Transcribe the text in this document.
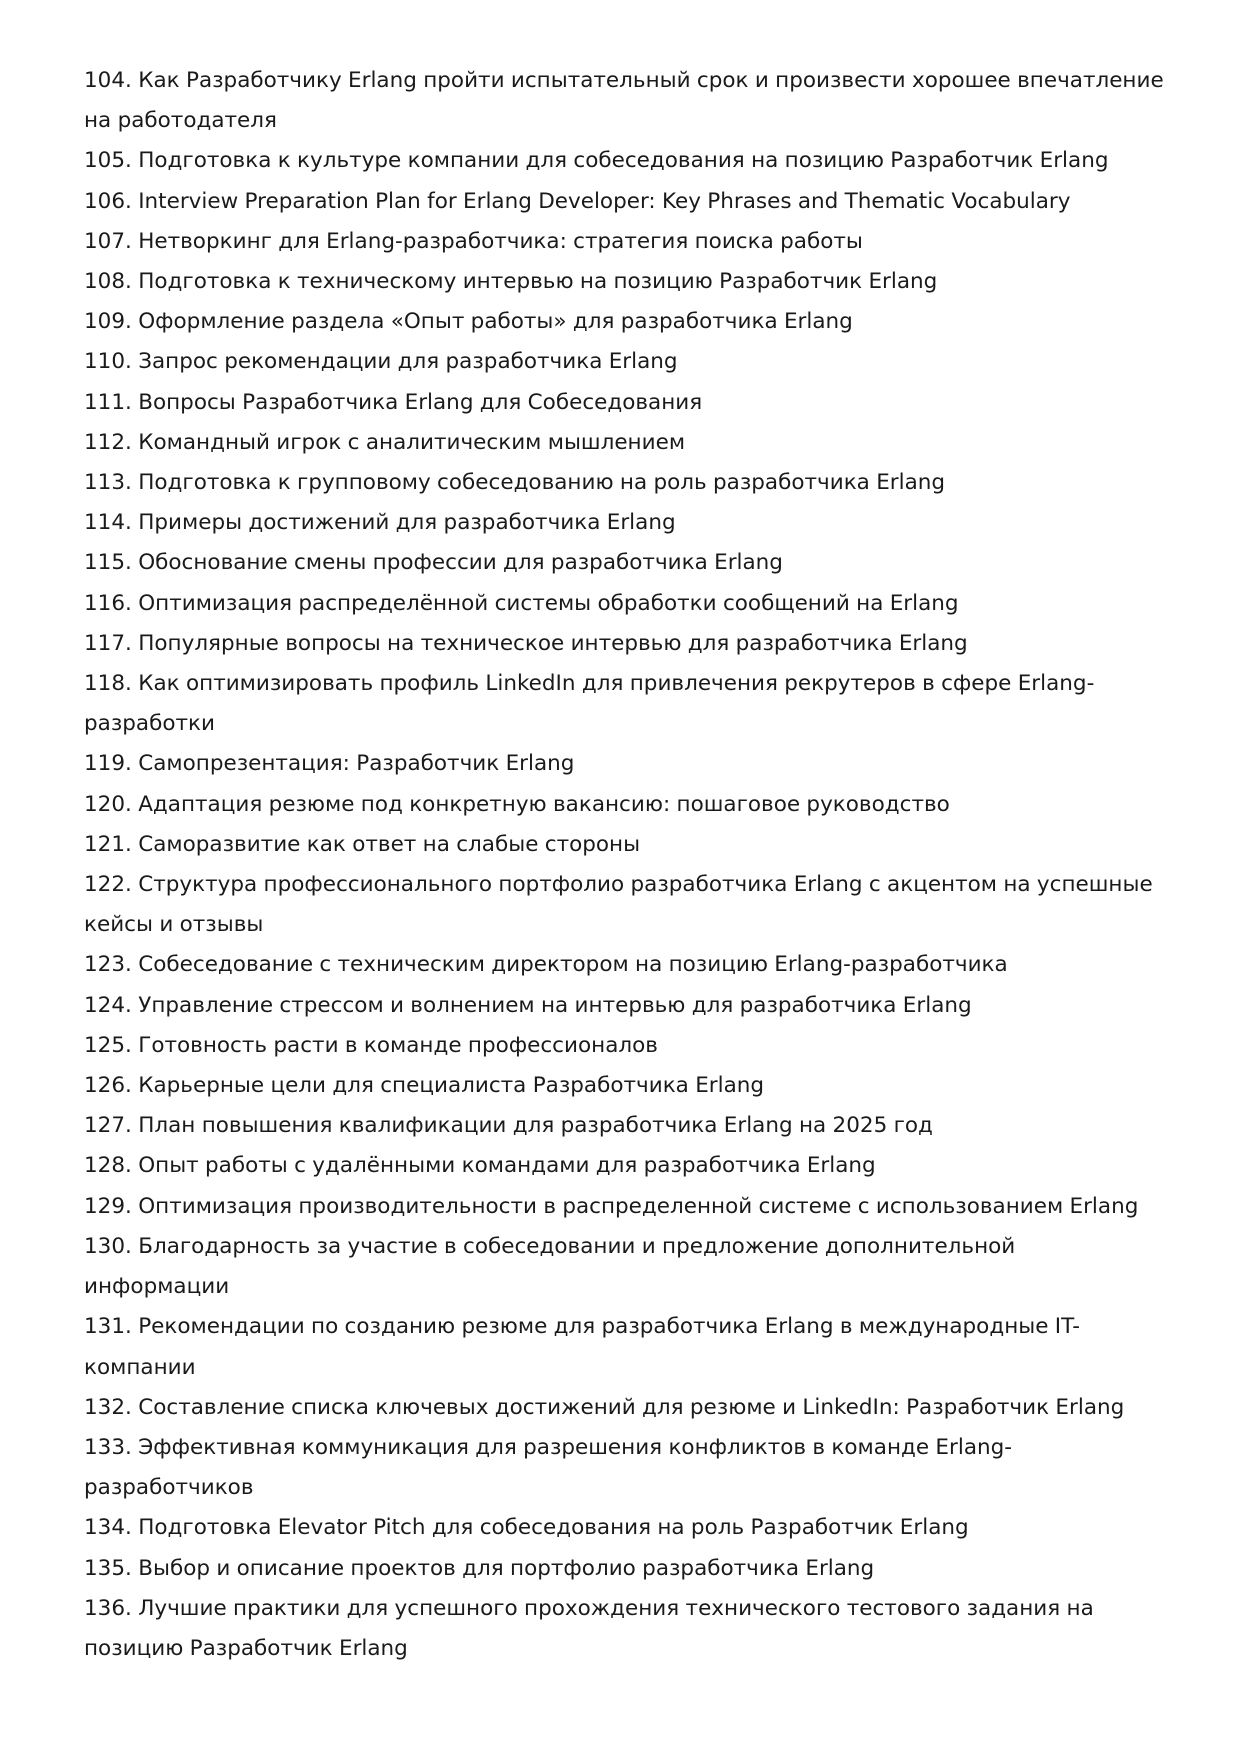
104. Как Разработчику Erlang пройти испытательный срок и произвести хорошее впечатление на работодателя
105. Подготовка к культуре компании для собеседования на позицию Разработчик Erlang
106. Interview Preparation Plan for Erlang Developer: Key Phrases and Thematic Vocabulary
107. Нетворкинг для Erlang-разработчика: стратегия поиска работы
108. Подготовка к техническому интервью на позицию Разработчик Erlang
109. Оформление раздела «Опыт работы» для разработчика Erlang
110. Запрос рекомендации для разработчика Erlang
111. Вопросы Разработчика Erlang для Собеседования
112. Командный игрок с аналитическим мышлением
113. Подготовка к групповому собеседованию на роль разработчика Erlang
114. Примеры достижений для разработчика Erlang
115. Обоснование смены профессии для разработчика Erlang
116. Оптимизация распределённой системы обработки сообщений на Erlang
117. Популярные вопросы на техническое интервью для разработчика Erlang
118. Как оптимизировать профиль LinkedIn для привлечения рекрутеров в сфере Erlang-разработки
119. Самопрезентация: Разработчик Erlang
120. Адаптация резюме под конкретную вакансию: пошаговое руководство
121. Саморазвитие как ответ на слабые стороны
122. Структура профессионального портфолио разработчика Erlang с акцентом на успешные кейсы и отзывы
123. Собеседование с техническим директором на позицию Erlang-разработчика
124. Управление стрессом и волнением на интервью для разработчика Erlang
125. Готовность расти в команде профессионалов
126. Карьерные цели для специалиста Разработчика Erlang
127. План повышения квалификации для разработчика Erlang на 2025 год
128. Опыт работы с удалёнными командами для разработчика Erlang
129. Оптимизация производительности в распределенной системе с использованием Erlang
130. Благодарность за участие в собеседовании и предложение дополнительной информации
131. Рекомендации по созданию резюме для разработчика Erlang в международные IT-компании
132. Составление списка ключевых достижений для резюме и LinkedIn: Разработчик Erlang
133. Эффективная коммуникация для разрешения конфликтов в команде Erlang-разработчиков
134. Подготовка Elevator Pitch для собеседования на роль Разработчик Erlang
135. Выбор и описание проектов для портфолио разработчика Erlang
136. Лучшие практики для успешного прохождения технического тестового задания на позицию Разработчик Erlang
